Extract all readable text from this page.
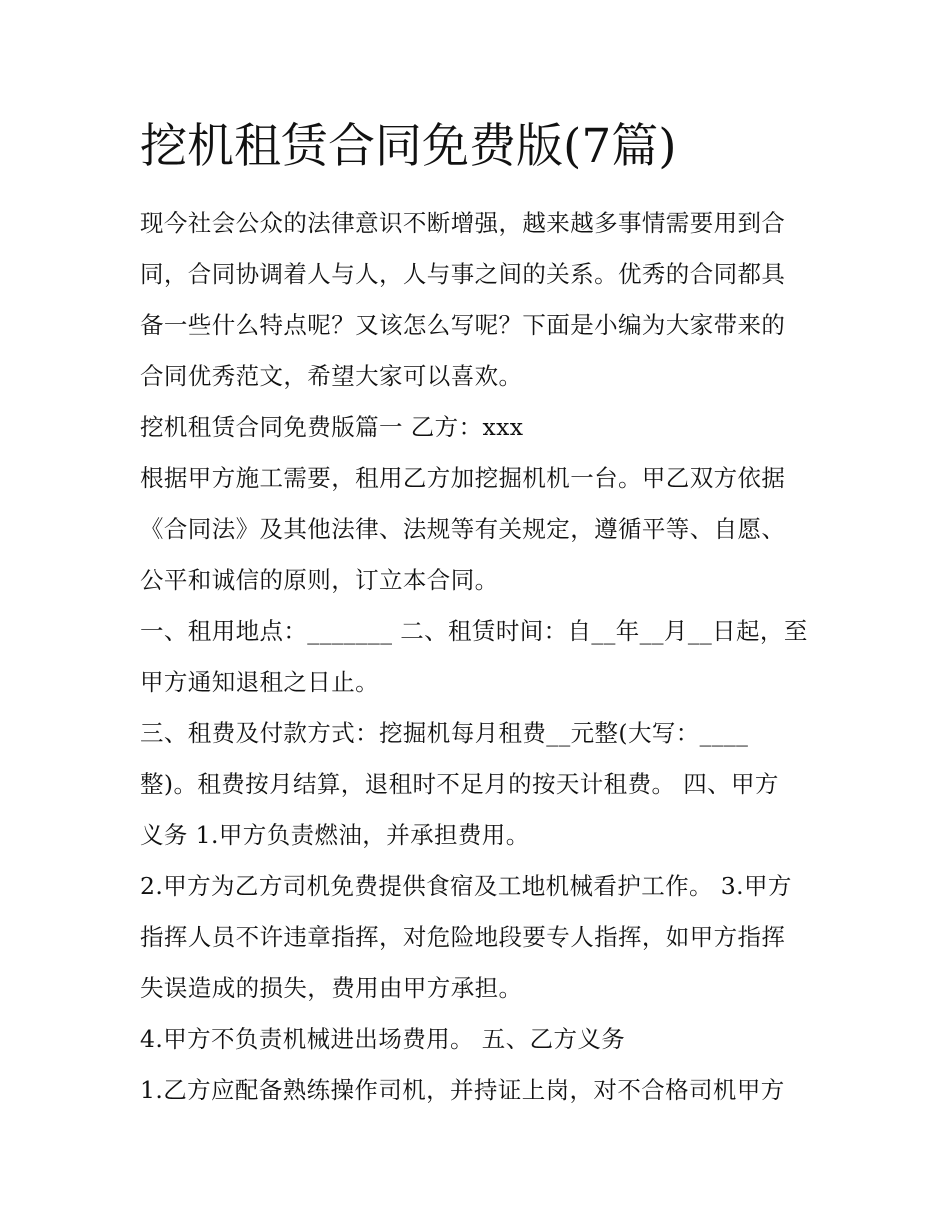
挖机租赁合同免费版(7篇)
现今社会公众的法律意识不断增强，越来越多事情需要用到合
同，合同协调着人与人，人与事之间的关系。优秀的合同都具
备一些什么特点呢？又该怎么写呢？下面是小编为大家带来的
合同优秀范文，希望大家可以喜欢。
挖机租赁合同免费版篇一 乙方：xxx
根据甲方施工需要，租用乙方加挖掘机机一台。甲乙双方依据
《合同法》及其他法律、法规等有关规定，遵循平等、自愿、
公平和诚信的原则，订立本合同。
一、租用地点：_______ 二、租赁时间：自__年__月__日起，至
甲方通知退租之日止。
三、租费及付款方式：挖掘机每月租费__元整(大写：____
整)。租费按月结算，退租时不足月的按天计租费。 四、甲方
义务 1.甲方负责燃油，并承担费用。
2.甲方为乙方司机免费提供食宿及工地机械看护工作。 3.甲方
指挥人员不许违章指挥，对危险地段要专人指挥，如甲方指挥
失误造成的损失，费用由甲方承担。
4.甲方不负责机械进出场费用。 五、乙方义务
1.乙方应配备熟练操作司机，并持证上岗，对不合格司机甲方
